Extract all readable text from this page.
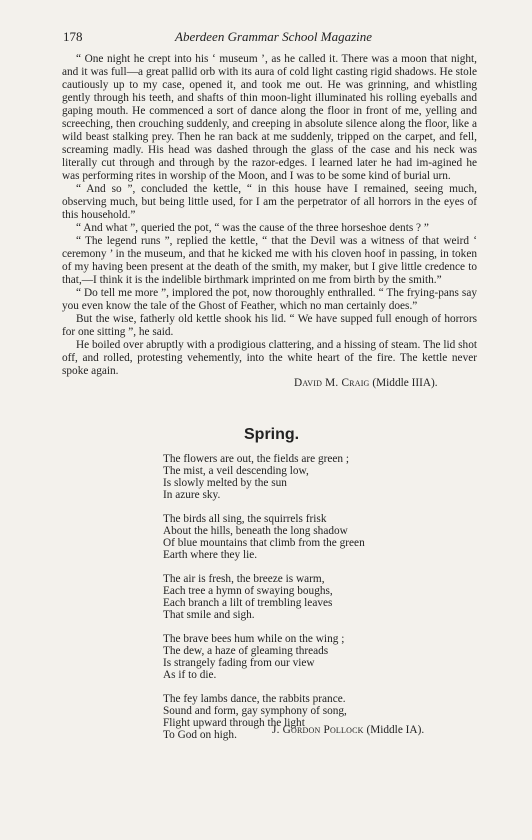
178	Aberdeen Grammar School Magazine

“ One night he crept into his ‘ museum ’, as he called it. There was a moon that night, and it was full—a great pallid orb with its aura of cold light casting rigid shadows. He stole cautiously up to my case, opened it, and took me out. He was grinning, and whistling gently through his teeth, and shafts of thin moon-light illuminated his rolling eyeballs and gaping mouth. He commenced a sort of dance along the floor in front of me, yelling and screeching, then crouching suddenly, and creeping in absolute silence along the floor, like a wild beast stalking prey. Then he ran back at me suddenly, tripped on the carpet, and fell, screaming madly. His head was dashed through the glass of the case and his neck was literally cut through and through by the razor-edges. I learned later he had im-agined he was performing rites in worship of the Moon, and I was to be some kind of burial urn.

“ And so ”, concluded the kettle, “ in this house have I remained, seeing much, observing much, but being little used, for I am the perpetrator of all horrors in the eyes of this household.”

“ And what ”, queried the pot, “ was the cause of the three horseshoe dents ? ”

“ The legend runs ”, replied the kettle, “ that the Devil was a witness of that weird ‘ ceremony ’ in the museum, and that he kicked me with his cloven hoof in passing, in token of my having been present at the death of the smith, my maker, but I give little credence to that,—I think it is the indelible birthmark imprinted on me from birth by the smith.”

“ Do tell me more ”, implored the pot, now thoroughly enthralled. “ The frying-pans say you even know the tale of the Ghost of Feather, which no man certainly does.”

But the wise, fatherly old kettle shook his lid. “ We have supped full enough of horrors for one sitting ”, he said.

He boiled over abruptly with a prodigious clattering, and a hissing of steam. The lid shot off, and rolled, protesting vehemently, into the white heart of the fire. The kettle never spoke again.

David M. Craig (Middle IIIA).
Spring.
The flowers are out, the fields are green ;
The mist, a veil descending low,
Is slowly melted by the sun
In azure sky.
The birds all sing, the squirrels frisk
About the hills, beneath the long shadow
Of blue mountains that climb from the green
Earth where they lie.
The air is fresh, the breeze is warm,
Each tree a hymn of swaying boughs,
Each branch a lilt of trembling leaves
That smile and sigh.
The brave bees hum while on the wing ;
The dew, a haze of gleaming threads
Is strangely fading from our view
As if to die.
The fey lambs dance, the rabbits prance.
Sound and form, gay symphony of song,
Flight upward through the light
To God on high.	J. Gordon Pollock (Middle IA).
